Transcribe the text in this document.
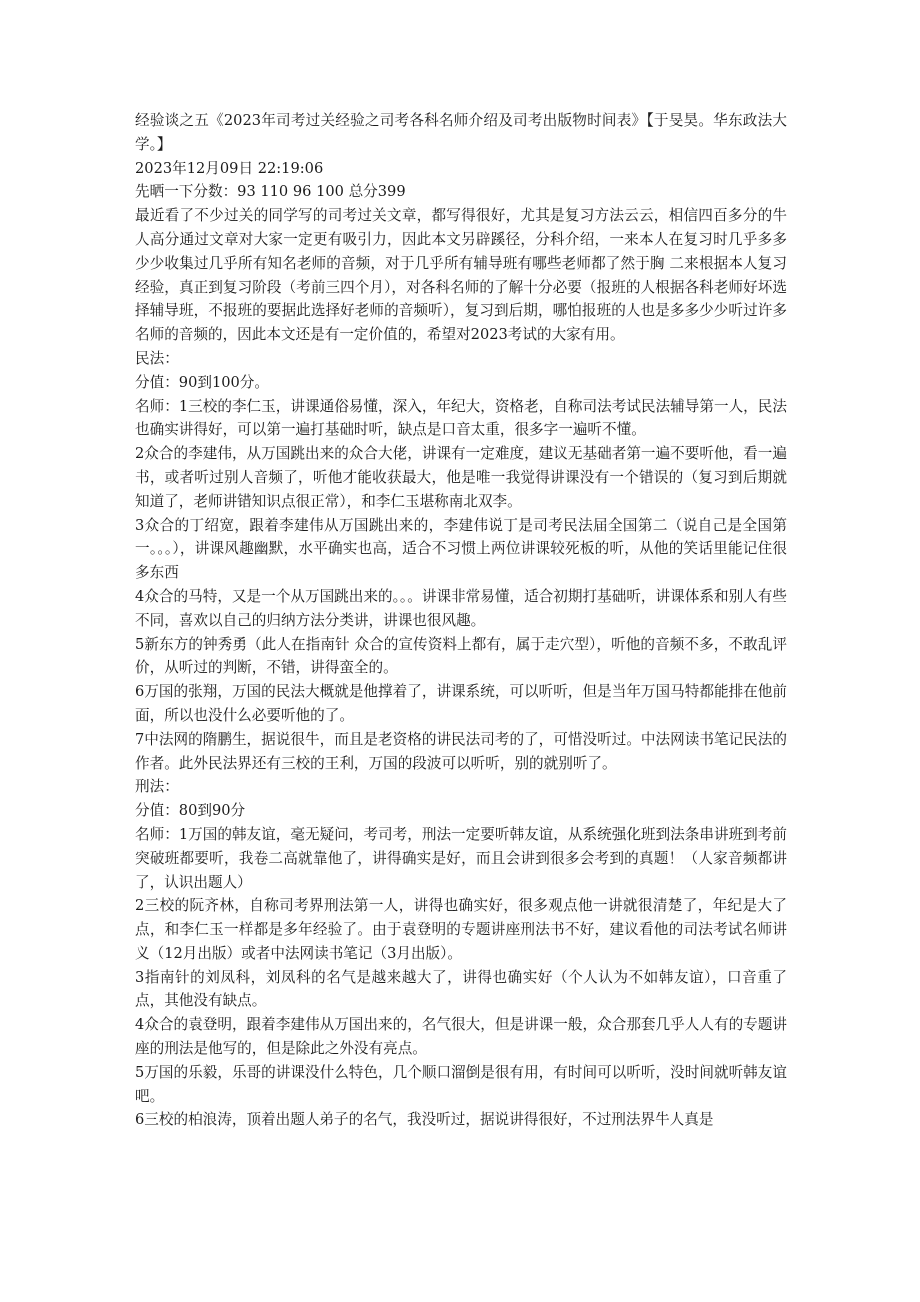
经验谈之五《2023年司考过关经验之司考各科名师介绍及司考出版物时间表》【于旻昊。华东政法大学。】

2023年12月09日 22:19:06

先晒一下分数：93 110 96 100 总分399

最近看了不少过关的同学写的司考过关文章，都写得很好，尤其是复习方法云云，相信四百多分的牛人高分通过文章对大家一定更有吸引力，因此本文另辟蹊径，分科介绍，一来本人在复习时几乎多多少少收集过几乎所有知名老师的音频，对于几乎所有辅导班有哪些老师都了然于胸 二来根据本人复习经验，真正到复习阶段（考前三四个月），对各科名师的了解十分必要（报班的人根据各科老师好坏选择辅导班，不报班的要据此选择好老师的音频听），复习到后期，哪怕报班的人也是多多少少听过许多名师的音频的，因此本文还是有一定价值的，希望对2023考试的大家有用。

民法：

分值：90到100分。

名师：1三校的李仁玉，讲课通俗易懂，深入，年纪大，资格老，自称司法考试民法辅导第一人，民法也确实讲得好，可以第一遍打基础时听，缺点是口音太重，很多字一遍听不懂。

2众合的李建伟，从万国跳出来的众合大佬，讲课有一定难度，建议无基础者第一遍不要听他，看一遍书，或者听过别人音频了，听他才能收获最大，他是唯一我觉得讲课没有一个错误的（复习到后期就知道了，老师讲错知识点很正常），和李仁玉堪称南北双李。

3众合的丁绍宽，跟着李建伟从万国跳出来的，李建伟说丁是司考民法届全国第二（说自己是全国第一。。。），讲课风趣幽默，水平确实也高，适合不习惯上两位讲课较死板的听，从他的笑话里能记住很多东西

4众合的马特，又是一个从万国跳出来的。。。讲课非常易懂，适合初期打基础听，讲课体系和别人有些不同，喜欢以自己的归纳方法分类讲，讲课也很风趣。

5新东方的钟秀勇（此人在指南针 众合的宣传资料上都有，属于走穴型），听他的音频不多，不敢乱评价，从听过的判断，不错，讲得蛮全的。

6万国的张翔，万国的民法大概就是他撑着了，讲课系统，可以听听，但是当年万国马特都能排在他前面，所以也没什么必要听他的了。

7中法网的隋鹏生，据说很牛，而且是老资格的讲民法司考的了，可惜没听过。中法网读书笔记民法的作者。此外民法界还有三校的王利，万国的段波可以听听，别的就别听了。

刑法：

分值：80到90分

名师：1万国的韩友谊，毫无疑问，考司考，刑法一定要听韩友谊，从系统强化班到法条串讲班到考前突破班都要听，我卷二高就靠他了，讲得确实是好，而且会讲到很多会考到的真题！（人家音频都讲了，认识出题人）

2三校的阮齐林，自称司考界刑法第一人，讲得也确实好，很多观点他一讲就很清楚了，年纪是大了点，和李仁玉一样都是多年经验了。由于袁登明的专题讲座刑法书不好，建议看他的司法考试名师讲义（12月出版）或者中法网读书笔记（3月出版）。

3指南针的刘凤科，刘凤科的名气是越来越大了，讲得也确实好（个人认为不如韩友谊），口音重了点，其他没有缺点。

4众合的袁登明，跟着李建伟从万国出来的，名气很大，但是讲课一般，众合那套几乎人人有的专题讲座的刑法是他写的，但是除此之外没有亮点。

5万国的乐毅，乐哥的讲课没什么特色，几个顺口溜倒是很有用，有时间可以听听，没时间就听韩友谊吧。

6三校的柏浪涛，顶着出题人弟子的名气，我没听过，据说讲得很好，不过刑法界牛人真是
